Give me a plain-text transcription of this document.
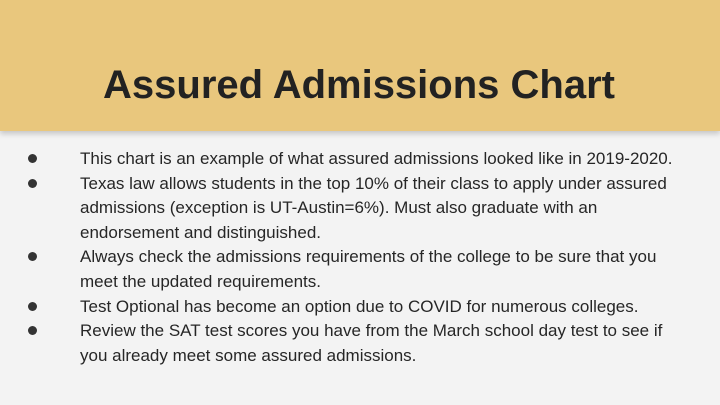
Assured Admissions Chart
This chart is an example of what assured admissions looked like in 2019-2020.
Texas law allows students in the top 10% of their class to apply under assured admissions (exception is UT-Austin=6%). Must also graduate with an endorsement and distinguished.
Always check the admissions requirements of the college to be sure that you meet the updated requirements.
Test Optional has become an option due to COVID for numerous colleges.
Review the SAT test scores you have from the March school day test to see if you already meet some assured admissions.
